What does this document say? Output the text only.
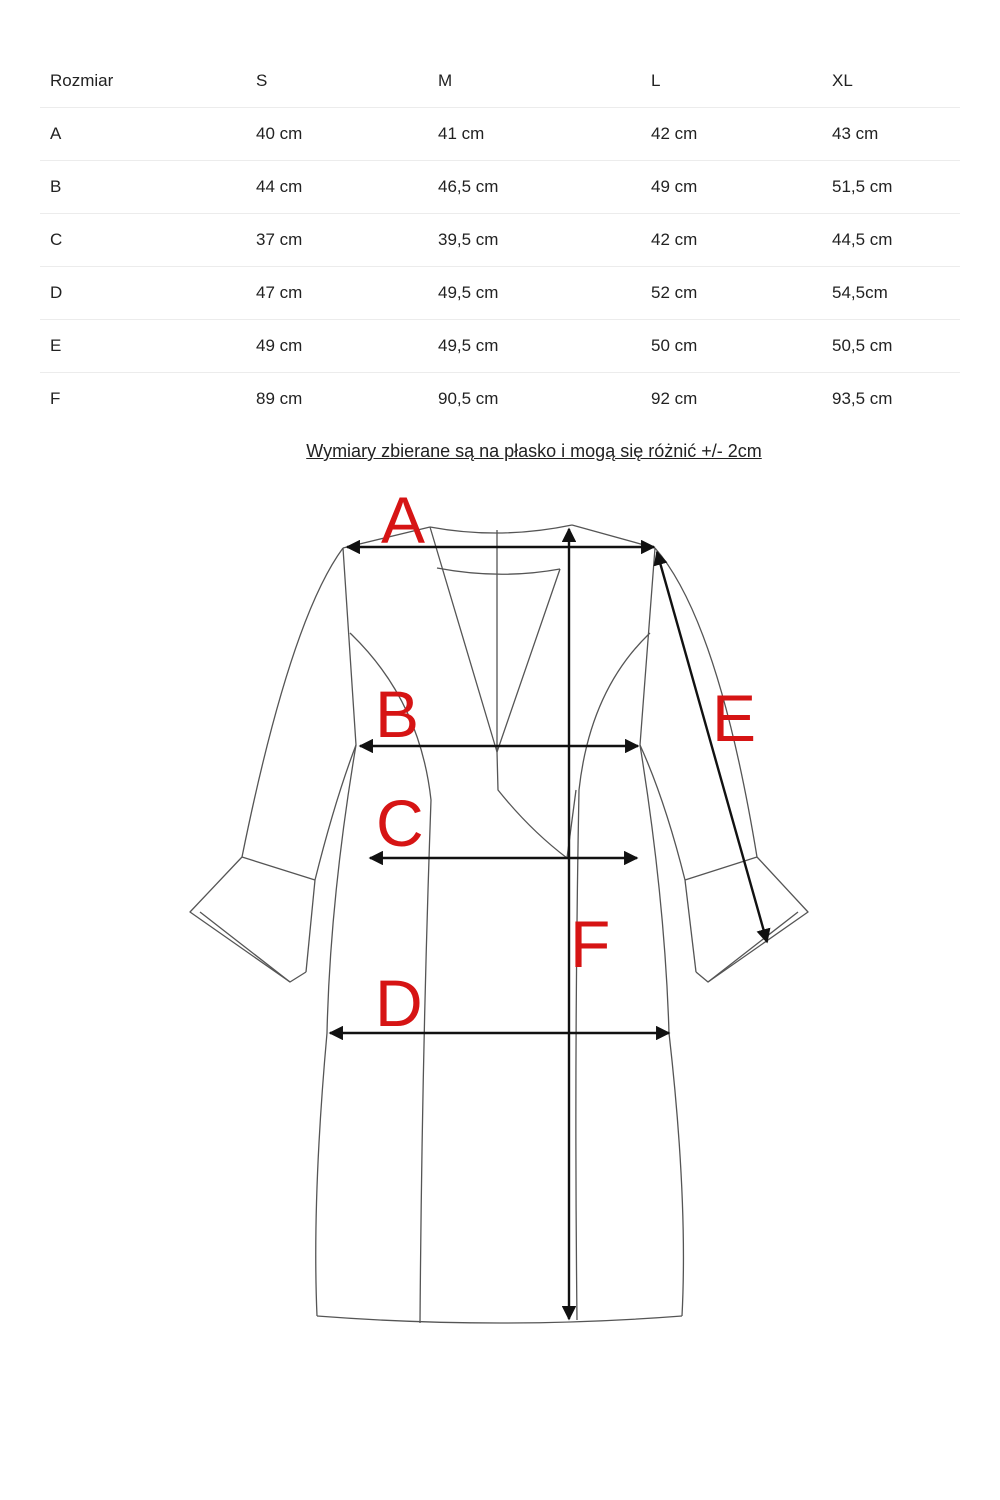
Rozmiar	S	M	L	XL
A	40 cm	41 cm	42 cm	43 cm
B	44 cm	46,5 cm	49 cm	51,5 cm
C	37 cm	39,5 cm	42 cm	44,5 cm
D	47 cm	49,5 cm	52 cm	54,5cm
E	49 cm	49,5 cm	50 cm	50,5 cm
F	89 cm	90,5 cm	92 cm	93,5 cm
Wymiary zbierane są na płasko i mogą się różnić +/- 2cm
A
B
C
D
E
F
